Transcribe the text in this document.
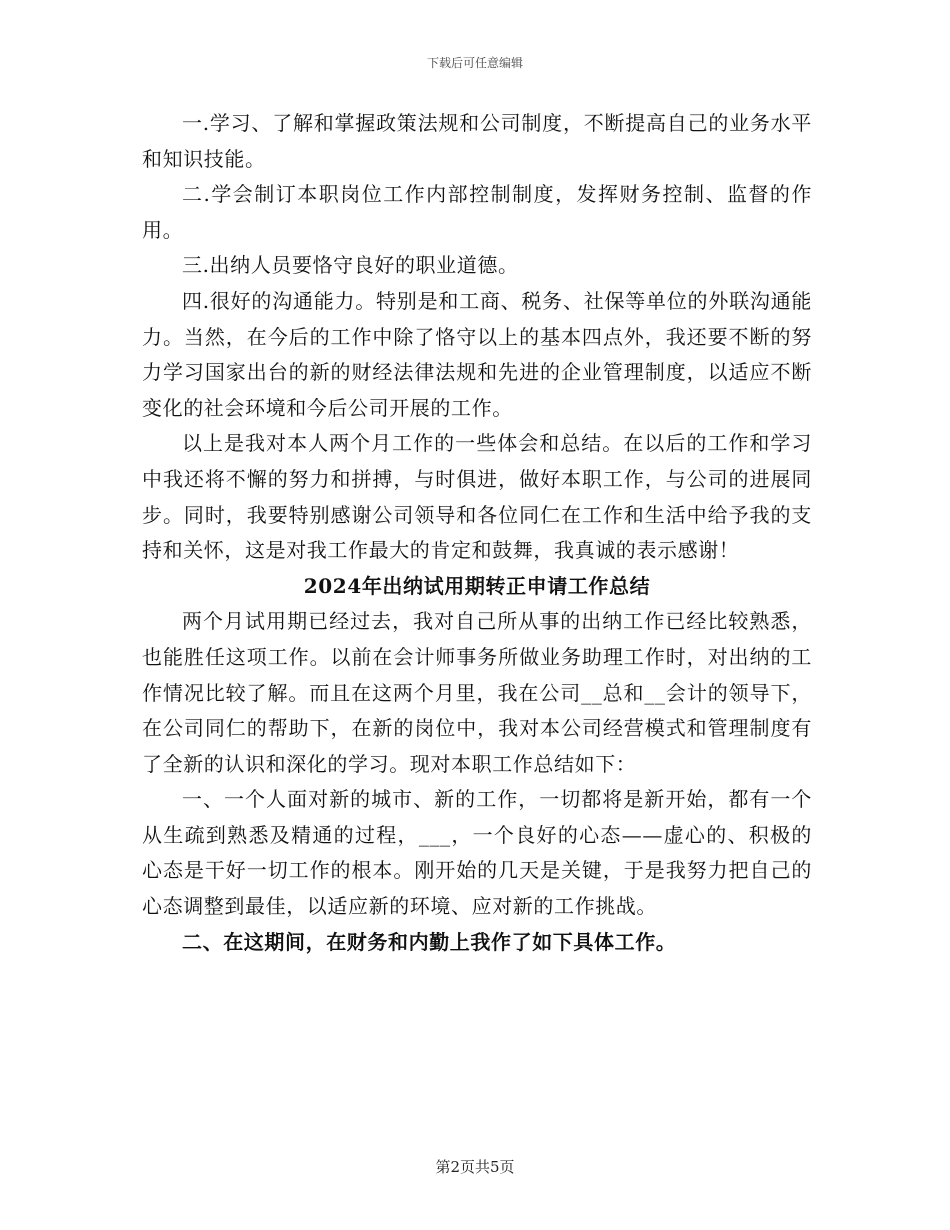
下载后可任意编辑

一.学习、了解和掌握政策法规和公司制度，不断提高自己的业务水平和知识技能。

二.学会制订本职岗位工作内部控制制度，发挥财务控制、监督的作用。

三.出纳人员要恪守良好的职业道德。

四.很好的沟通能力。特别是和工商、税务、社保等单位的外联沟通能力。当然，在今后的工作中除了恪守以上的基本四点外，我还要不断的努力学习国家出台的新的财经法律法规和先进的企业管理制度，以适应不断变化的社会环境和今后公司开展的工作。

以上是我对本人两个月工作的一些体会和总结。在以后的工作和学习中我还将不懈的努力和拼搏，与时俱进，做好本职工作，与公司的进展同步。同时，我要特别感谢公司领导和各位同仁在工作和生活中给予我的支持和关怀，这是对我工作最大的肯定和鼓舞，我真诚的表示感谢！

2024年出纳试用期转正申请工作总结

两个月试用期已经过去，我对自己所从事的出纳工作已经比较熟悉，也能胜任这项工作。以前在会计师事务所做业务助理工作时，对出纳的工作情况比较了解。而且在这两个月里，我在公司__总和__会计的领导下，在公司同仁的帮助下，在新的岗位中，我对本公司经营模式和管理制度有了全新的认识和深化的学习。现对本职工作总结如下：

一、一个人面对新的城市、新的工作，一切都将是新开始，都有一个从生疏到熟悉及精通的过程，___，一个良好的心态——虚心的、积极的心态是干好一切工作的根本。刚开始的几天是关键，于是我努力把自己的心态调整到最佳，以适应新的环境、应对新的工作挑战。

二、在这期间，在财务和内勤上我作了如下具体工作。

第2页共5页
